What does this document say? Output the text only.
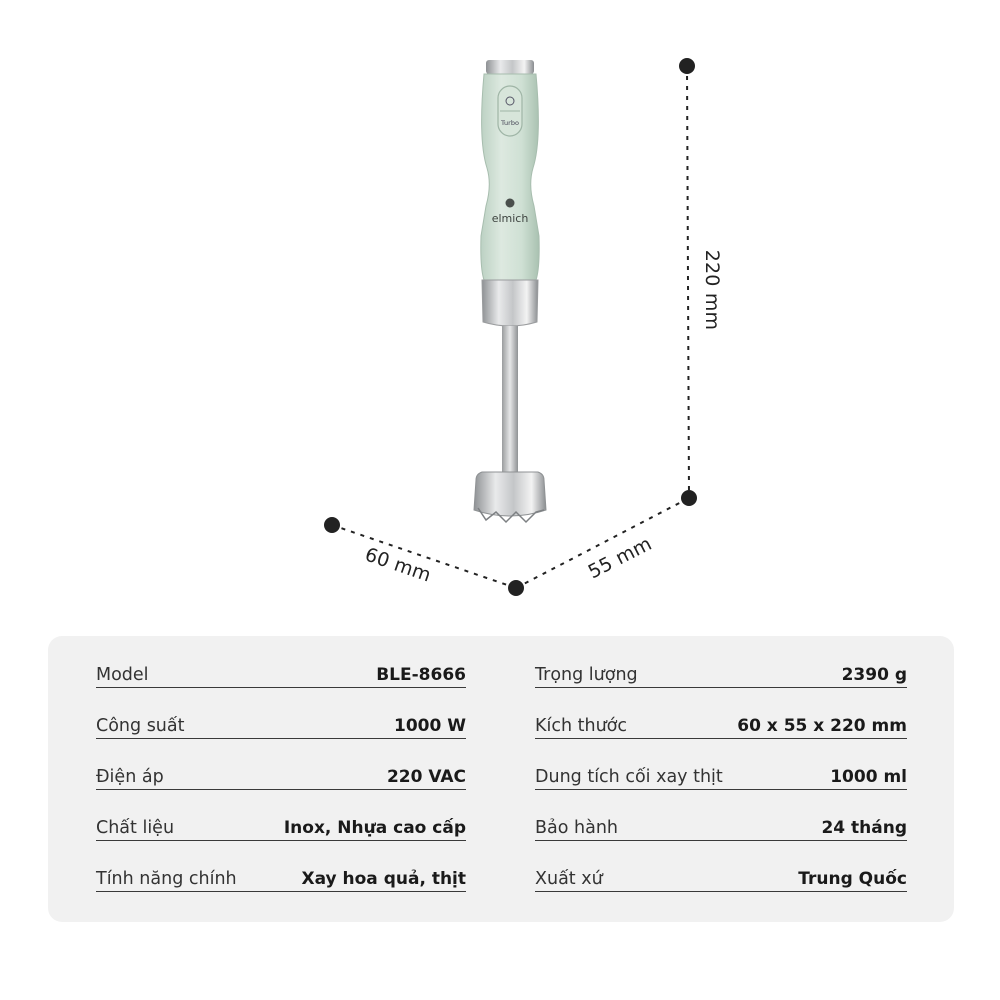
Turbo
elmich
220 mm
60 mm	55 mm
Model	BLE-8666
Công suất	1000 W
Điện áp	220 VAC
Chất liệu	Inox, Nhựa cao cấp
Tính năng chính	Xay hoa quả, thịt
Trọng lượng	2390 g
Kích thước	60 x 55 x 220 mm
Dung tích cối xay thịt	1000 ml
Bảo hành	24 tháng
Xuất xứ	Trung Quốc
